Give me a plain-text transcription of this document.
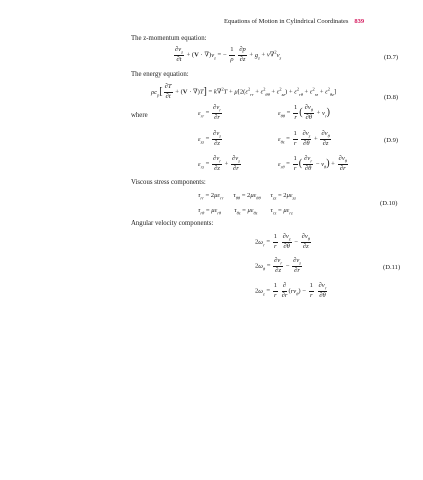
Equations of Motion in Cylindrical Coordinates 839
The z-momentum equation:
$\frac{\partial v_z}{\partial t} + (V \cdot \nabla)v_z$ = − $\frac{1}{\rho}$
$\frac{\partial p}{\partial z} + g_z + \nu\nabla^2v_z$	(D.7)
The energy equation:
$\rho c_p[ \frac{\partial T}{\partial t} + (V \cdot \nabla)T] = k\nabla^2T + \mu[2(\varepsilon^2_{rr} + \varepsilon^2_{\theta\theta} + \varepsilon^2_{zz}) + \varepsilon^2_{r\theta} + \varepsilon^2_{rz} + \varepsilon^2_{\theta z}]$
(D.8)
where	$\varepsilon_{rr} = \frac{\partial v_r}{\partial r}$	$\varepsilon_{\theta\theta} = \frac{1}{r}$ ( $\frac{\partial v_\theta}{\partial\theta} + v_r$)
$\varepsilon_{zz} = \frac{\partial v_z}{\partial z}$	$\varepsilon_{\theta z} = \frac{1}{r}$
$\frac{\partial v_z}{\partial\theta} + \frac{\partial v_\theta}{\partial z}$	(D.9)
$\varepsilon_{rz} = \frac{\partial v_r}{\partial z} + \frac{\partial v_z}{\partial r}$	$\varepsilon_{r\theta} = \frac{1}{r}$ ( $\frac{\partial v_r}{\partial\theta} - v_\theta) + \frac{\partial v_\theta}{\partial r}$
Viscous stress components:
$\tau_{rr} = 2\mu\varepsilon_{rr}$ $\tau_{\theta\theta} = 2\mu\varepsilon_{\theta\theta}$ $\tau_{zz} = 2\mu\varepsilon_{zz}$
$\tau_{r\theta} = \mu\varepsilon_{r\theta}$ $\tau_{\theta z} = \mu\varepsilon_{\theta z}$ $\tau_{rz} = \mu\varepsilon_{rz}$
(D.10)
Angular velocity components:
$2\omega_r = \frac{1}{r}$
$\frac{\partial v_z}{\partial\theta} - \frac{\partial v_\theta}{\partial z}$
$2\omega_\theta = \frac{\partial v_r}{\partial z} - \frac{\partial v_z}{\partial r}$	(D.11)
$2\omega_z = \frac{1}{r}$
$\frac{\partial}{\partial r} (rv_\theta) - \frac{1}{r}$
$\frac{\partial v_r}{\partial\theta}$
